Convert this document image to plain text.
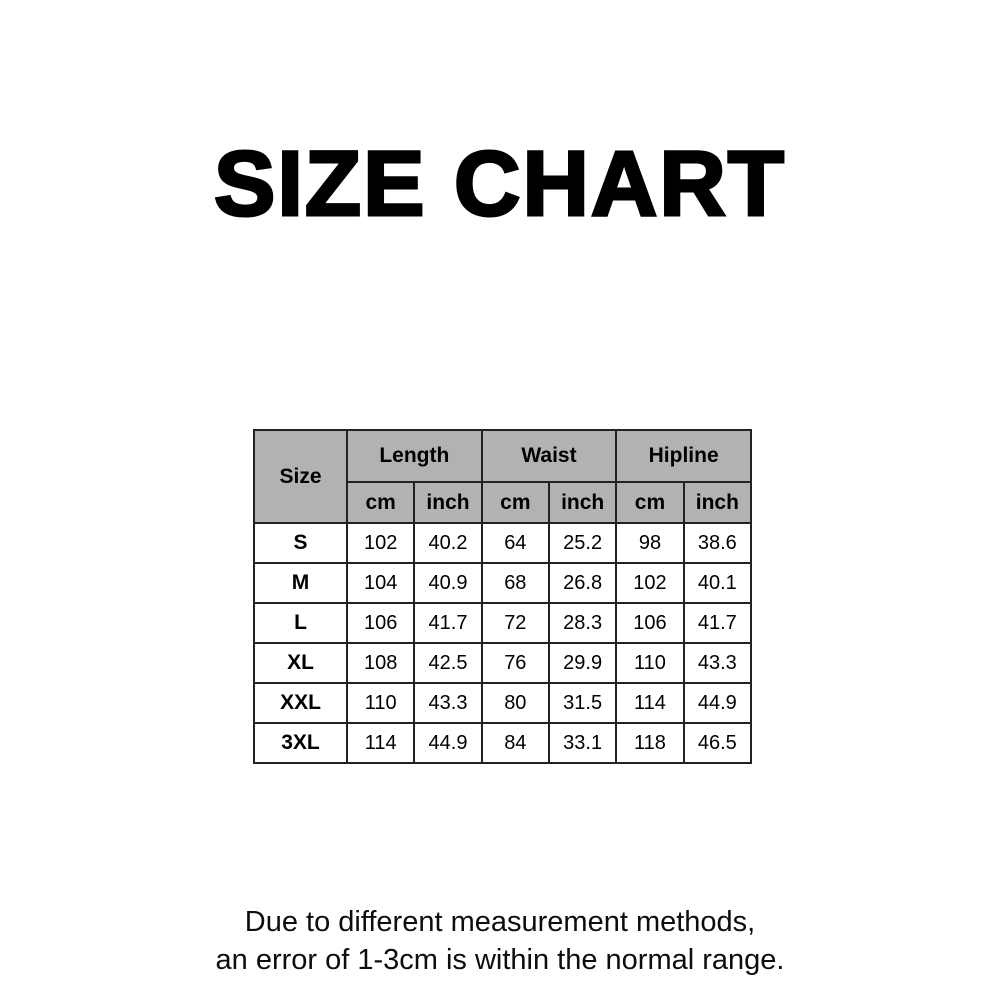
SIZE CHART
Size	Length		Waist		Hipline	
	cm	inch	cm	inch	cm	inch
S	102	40.2	64	25.2	98	38.6
M	104	40.9	68	26.8	102	40.1
L	106	41.7	72	28.3	106	41.7
XL	108	42.5	76	29.9	110	43.3
XXL	110	43.3	80	31.5	114	44.9
3XL	114	44.9	84	33.1	118	46.5
Due to different measurement methods,
an error of 1-3cm is within the normal range.
